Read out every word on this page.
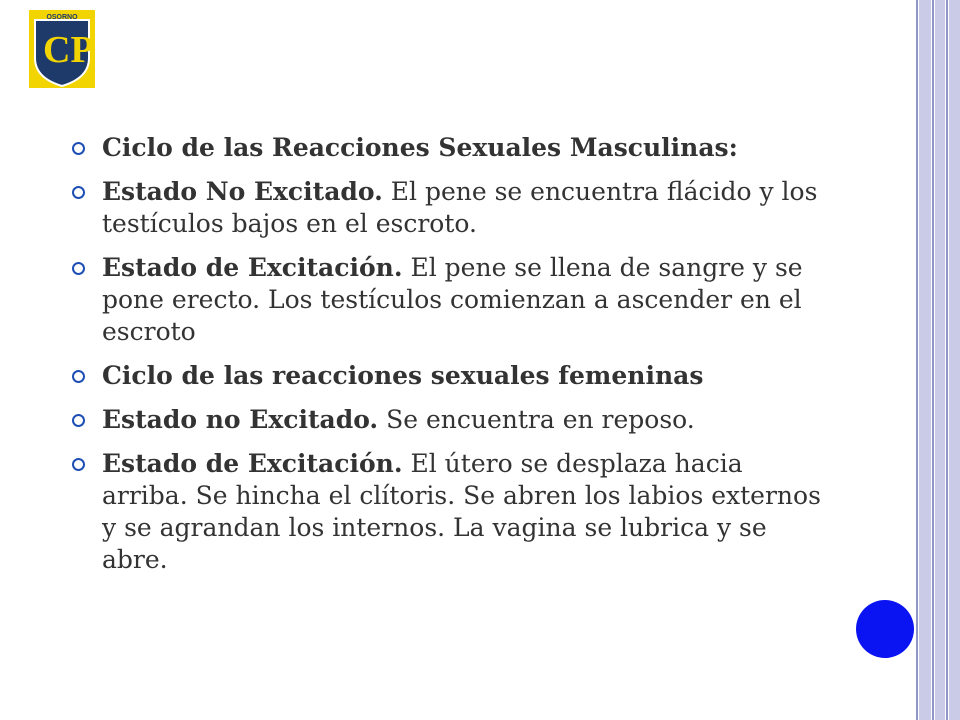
OSORNO
CP
Ciclo de las Reacciones Sexuales Masculinas:
Estado No Excitado. El pene se encuentra flácido y los testículos bajos en el escroto.
Estado de Excitación. El pene se llena de sangre y se pone erecto. Los testículos comienzan a ascender en el escroto
Ciclo de las reacciones sexuales femeninas
Estado no Excitado. Se encuentra en reposo.
Estado de Excitación. El útero se desplaza hacia arriba. Se hincha el clítoris. Se abren los labios externos y se agrandan los internos. La vagina se lubrica y se abre.
